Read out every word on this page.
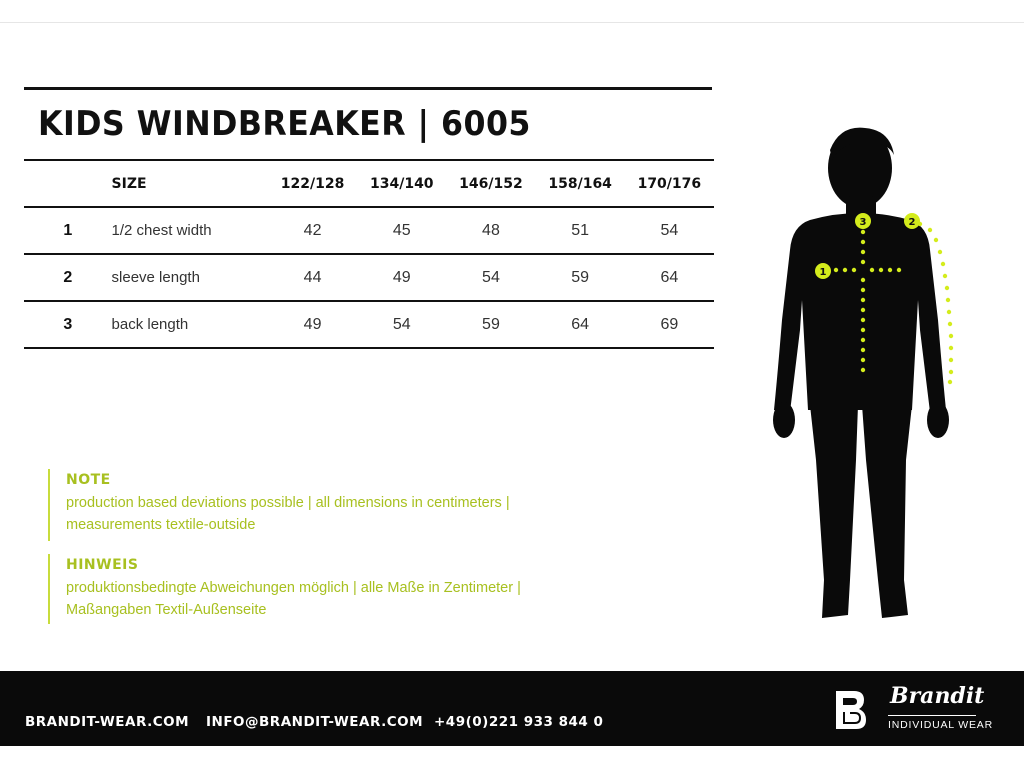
KIDS WINDBREAKER | 6005
	SIZE	122/128	134/140	146/152	158/164	170/176
1	1/2 chest width	42	45	48	51	54
2	sleeve length	44	49	54	59	64
3	back length	49	54	59	64	69
NOTE
production based deviations possible | all dimensions in centimeters |
measurements textile-outside
HINWEIS
produktionsbedingte Abweichungen möglich | alle Maße in Zentimeter |
Maßangaben Textil-Außenseite
1
2
3
BRANDIT-WEAR.COM INFO@BRANDIT-WEAR.COM +49(0)221 933 844 0
Brandit
INDIVIDUAL WEAR
